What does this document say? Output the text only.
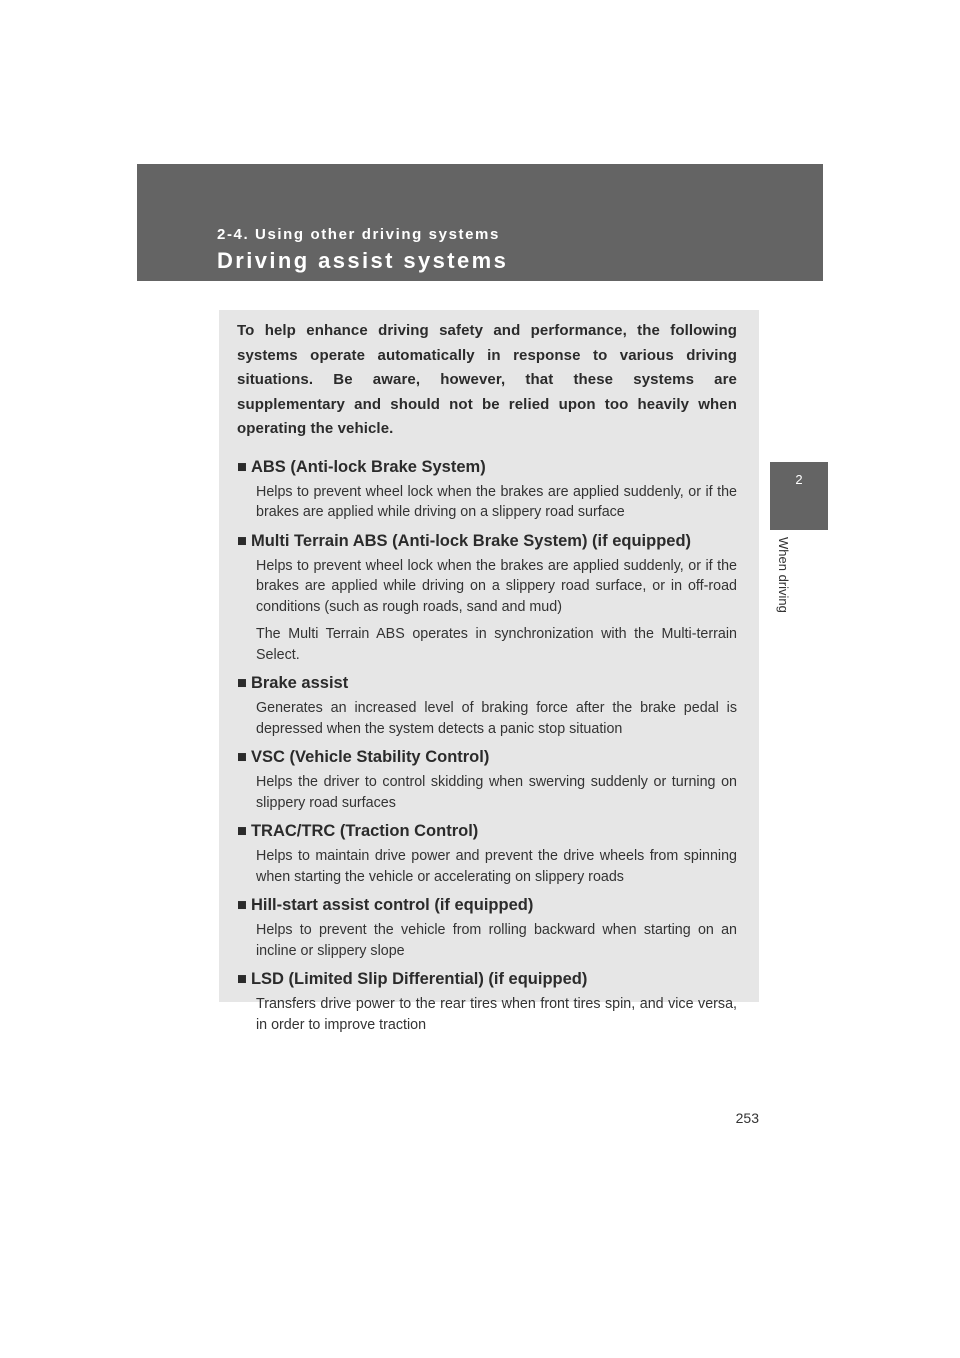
2-4. Using other driving systems
Driving assist systems
2
When driving

To help enhance driving safety and performance, the following systems operate automatically in response to various driving situations. Be aware, however, that these systems are supplementary and should not be relied upon too heavily when operating the vehicle.

■ ABS (Anti-lock Brake System)

Helps to prevent wheel lock when the brakes are applied suddenly, or if the brakes are applied while driving on a slippery road surface

■ Multi Terrain ABS (Anti-lock Brake System) (if equipped)

Helps to prevent wheel lock when the brakes are applied suddenly, or if the brakes are applied while driving on a slippery road surface, or in off-road conditions (such as rough roads, sand and mud)

The Multi Terrain ABS operates in synchronization with the Multi-terrain Select.

■ Brake assist

Generates an increased level of braking force after the brake pedal is depressed when the system detects a panic stop situation

■ VSC (Vehicle Stability Control)

Helps the driver to control skidding when swerving suddenly or turning on slippery road surfaces

■ TRAC/TRC (Traction Control)

Helps to maintain drive power and prevent the drive wheels from spinning when starting the vehicle or accelerating on slippery roads

■ Hill-start assist control (if equipped)

Helps to prevent the vehicle from rolling backward when starting on an incline or slippery slope

■ LSD (Limited Slip Differential) (if equipped)

Transfers drive power to the rear tires when front tires spin, and vice versa, in order to improve traction

253
